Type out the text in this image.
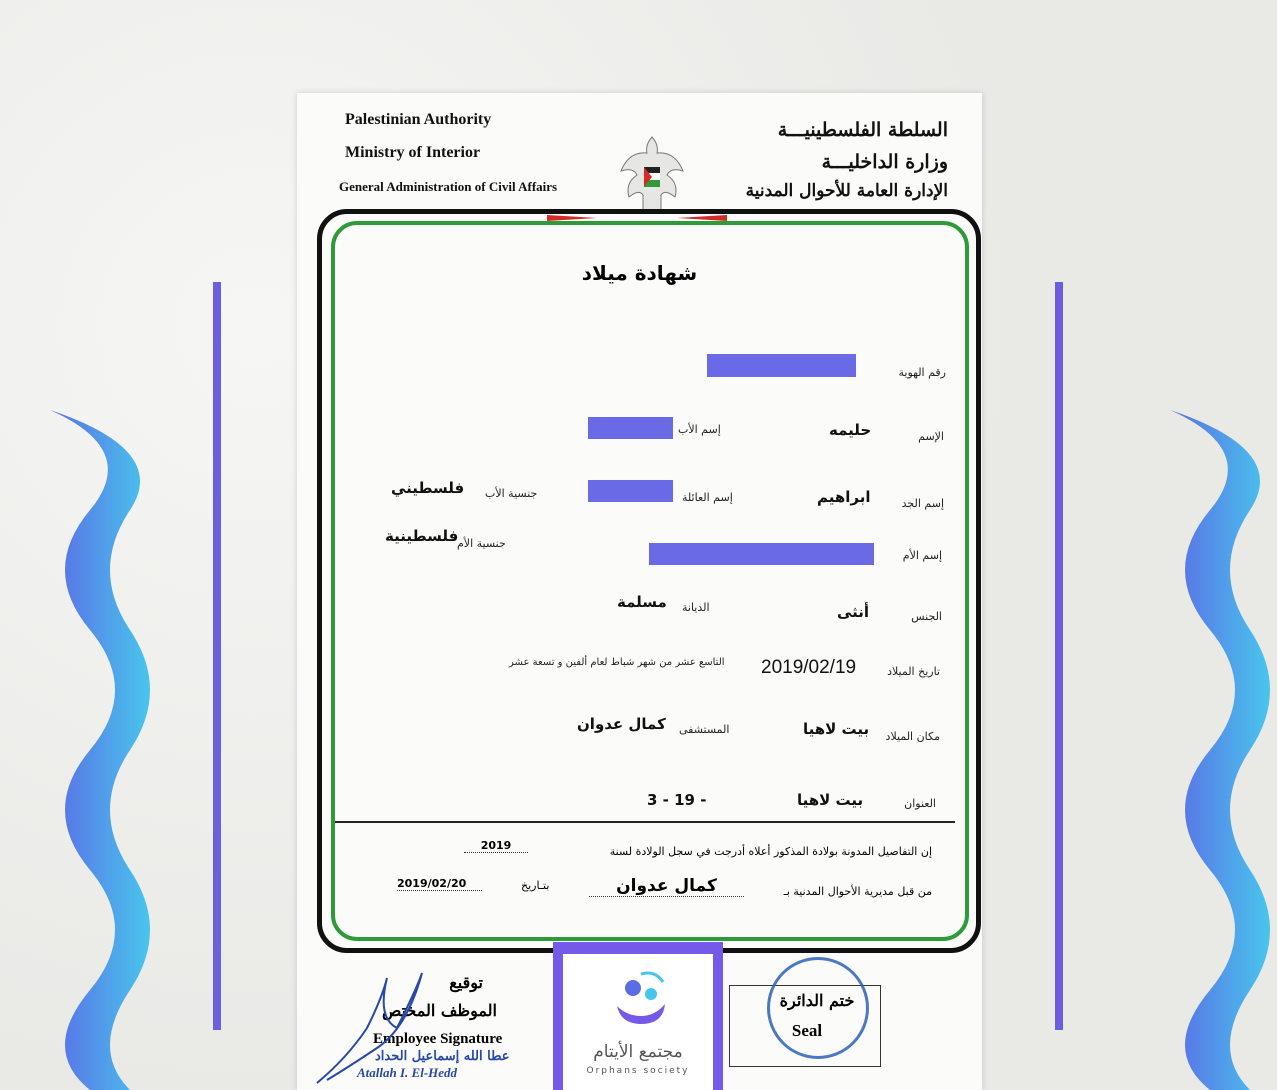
Palestinian Authority
Ministry of Interior
General Administration of Civil Affairs
السلطة الفلسطينيـــة
وزارة الداخليـــة
الإدارة العامة للأحوال المدنية
شهادة ميلاد
رقم الهوية
الإسم
حليمه
إسم الأب
إسم الجد
ابراهيم
إسم العائلة
جنسية الأب
فلسطيني
إسم الأم
جنسية الأم
فلسطينية
الجنس
أنثى
الديانة
مسلمة
تاريخ الميلاد
2019/02/19
التاسع عشر من شهر شباط لعام ألفين و تسعة عشر
مكان الميلاد
بيت لاهيا
المستشفى
كمال عدوان
العنوان
بيت لاهيا
3 - 19 -
إن التفاصيل المدونة بولادة المذكور أعلاه أدرجت في سجل الولادة لسنة
2019
من قبل مديرية الأحوال المدنية بـ
كمال عدوان
بتـاريخ
2019/02/20
توقيع
الموظف المختص
Employee Signature
عطا الله إسماعيل الحداد
Atallah I. El-Hedd
ختم الدائرة
Seal
مجتمع الأيتام
Orphans society
